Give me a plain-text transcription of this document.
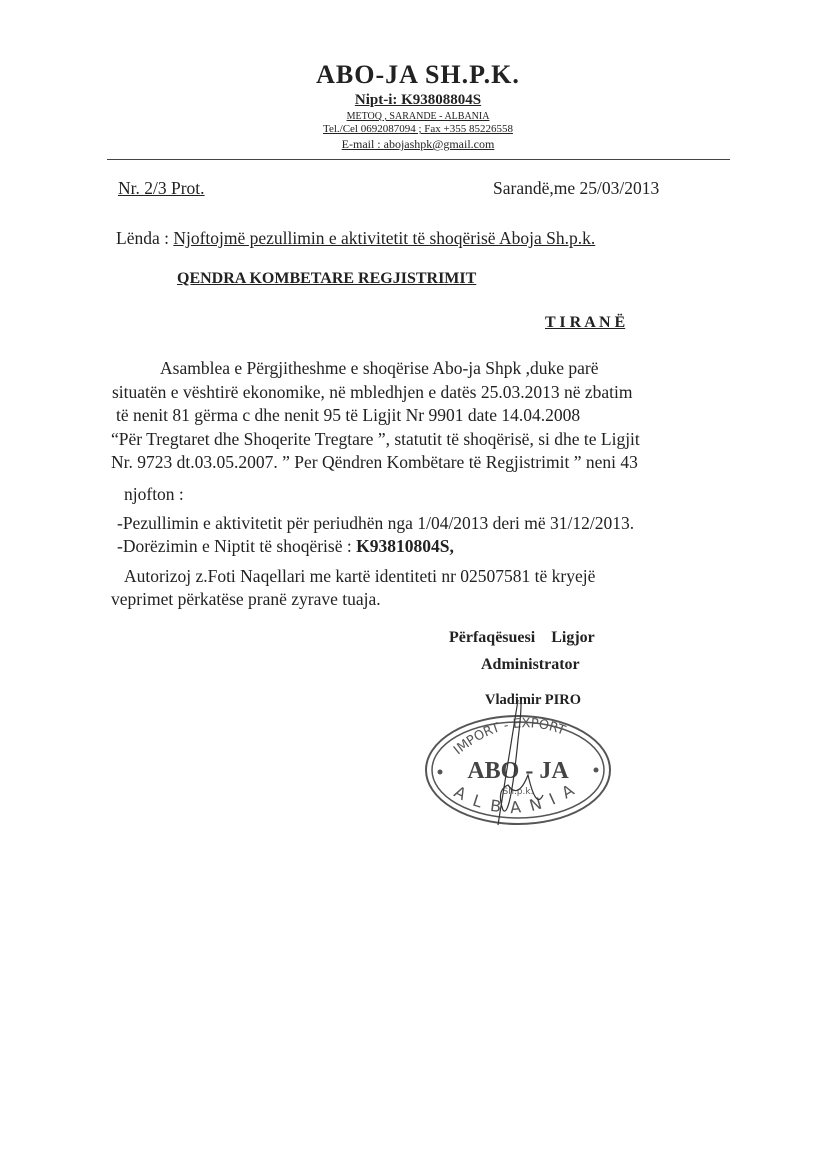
ABO-JA SH.P.K.
Nipt-i: K93808804S
METOQ , SARANDE - ALBANIA
Tel./Cel 0692087094 ; Fax +355 85226558
E-mail : abojashpk@gmail.com
Nr. 2/3 Prot.	Sarandë,me 25/03/2013
Lënda : Njoftojmë pezullimin e aktivitetit të shoqërisë Aboja Sh.p.k.
QENDRA KOMBETARE REGJISTRIMIT
T I R A N Ë
Asamblea e Përgjitheshme e shoqërise Abo-ja Shpk ,duke parë
situatën e vështirë ekonomike, në mbledhjen e datës 25.03.2013 në zbatim
të nenit 81 gërma c dhe nenit 95 të Ligjit Nr 9901 date 14.04.2008
“Për Tregtaret dhe Shoqerite Tregtare ”, statutit të shoqërisë, si dhe te Ligjit
Nr. 9723 dt.03.05.2007. ” Per Qëndren Kombëtare të Regjistrimit ” neni 43
njofton :
-Pezullimin e aktivitetit për periudhën nga 1/04/2013 deri më 31/12/2013.
-Dorëzimin e Niptit të shoqërisë : K93810804S,
Autorizoj z.Foti Naqellari me kartë identiteti nr 02507581 të kryejë
veprimet përkatëse pranë zyrave tuaja.
Përfaqësuesi    Ligjor
Administrator
Vladimir PIRO
IMPORT - EXPORT
ALBANIA
ABO - JA
Sh.p.k.
